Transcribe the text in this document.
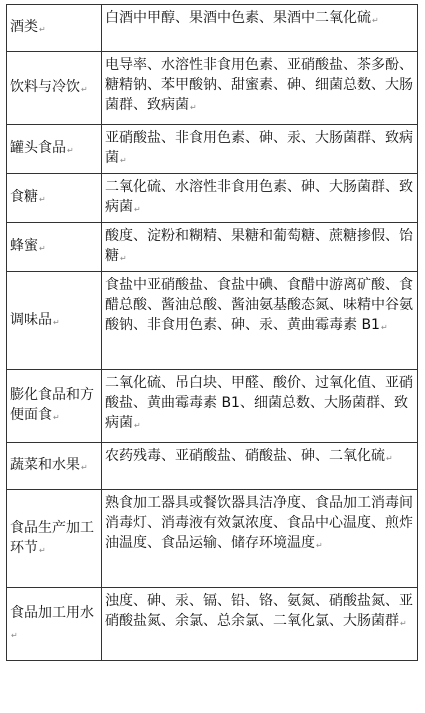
酒类↵	白酒中甲醇、果酒中色素、果酒中二氧化硫↵
饮料与冷饮↵	电导率、水溶性非食用色素、亚硝酸盐、茶多酚、糖精钠、苯甲酸钠、甜蜜素、砷、细菌总数、大肠菌群、致病菌↵
罐头食品↵	亚硝酸盐、非食用色素、砷、汞、大肠菌群、致病菌↵
食糖↵	二氧化硫、水溶性非食用色素、砷、大肠菌群、致病菌↵
蜂蜜↵	酸度、淀粉和糊精、果糖和葡萄糖、蔗糖掺假、饴糖↵
调味品↵	食盐中亚硝酸盐、食盐中碘、食醋中游离矿酸、食醋总酸、酱油总酸、酱油氨基酸态氮、味精中谷氨酸钠、非食用色素、砷、汞、黄曲霉毒素 B1↵
膨化食品和方便面食↵	二氧化硫、吊白块、甲醛、酸价、过氧化值、亚硝酸盐、黄曲霉毒素 B1、细菌总数、大肠菌群、致病菌↵
蔬菜和水果↵	农药残毒、亚硝酸盐、硝酸盐、砷、二氧化硫↵
食品生产加工环节↵	熟食加工器具或餐饮器具洁净度、食品加工消毒间消毒灯、消毒液有效氯浓度、食品中心温度、煎炸油温度、食品运输、储存环境温度↵
食品加工用水↵	浊度、砷、汞、镉、铅、铬、氨氮、硝酸盐氮、亚硝酸盐氮、余氯、总余氯、二氧化氯、大肠菌群↵
